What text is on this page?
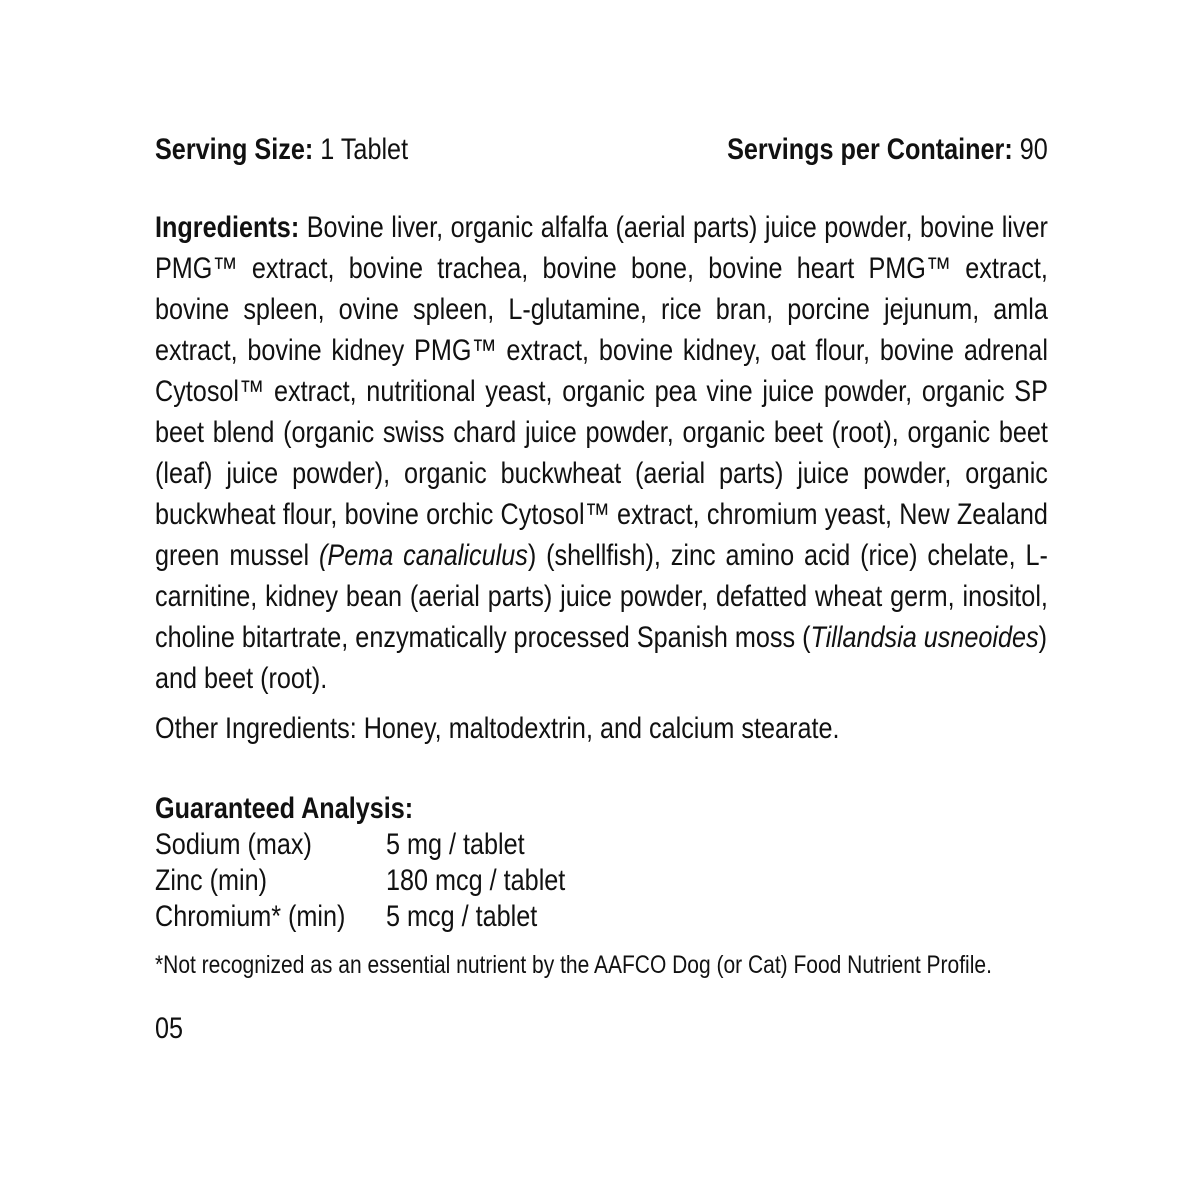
Serving Size: 1 Tablet	Servings per Container: 90
Ingredients: Bovine liver, organic alfalfa (aerial parts) juice powder, bovine liver PMG™ extract, bovine trachea, bovine bone, bovine heart PMG™ extract, bovine spleen, ovine spleen, L-glutamine, rice bran, porcine jejunum, amla extract, bovine kidney PMG™ extract, bovine kidney, oat flour, bovine adrenal Cytosol™ extract, nutritional yeast, organic pea vine juice powder, organic SP beet blend (organic swiss chard juice powder, organic beet (root), organic beet (leaf) juice powder), organic buckwheat (aerial parts) juice powder, organic buckwheat flour, bovine orchic Cytosol™ extract, chromium yeast, New Zealand green mussel (Pema canaliculus) (shellfish), zinc amino acid (rice) chelate, L-carnitine, kidney bean (aerial parts) juice powder, defatted wheat germ, inositol, choline bitartrate, enzymatically processed Spanish moss (Tillandsia usneoides)
and beet (root).
Other Ingredients: Honey, maltodextrin, and calcium stearate.
Guaranteed Analysis:
Sodium (max)	5 mg / tablet
Zinc (min)	180 mcg / tablet
Chromium* (min)	5 mcg / tablet
*Not recognized as an essential nutrient by the AAFCO Dog (or Cat) Food Nutrient Profile.
05
